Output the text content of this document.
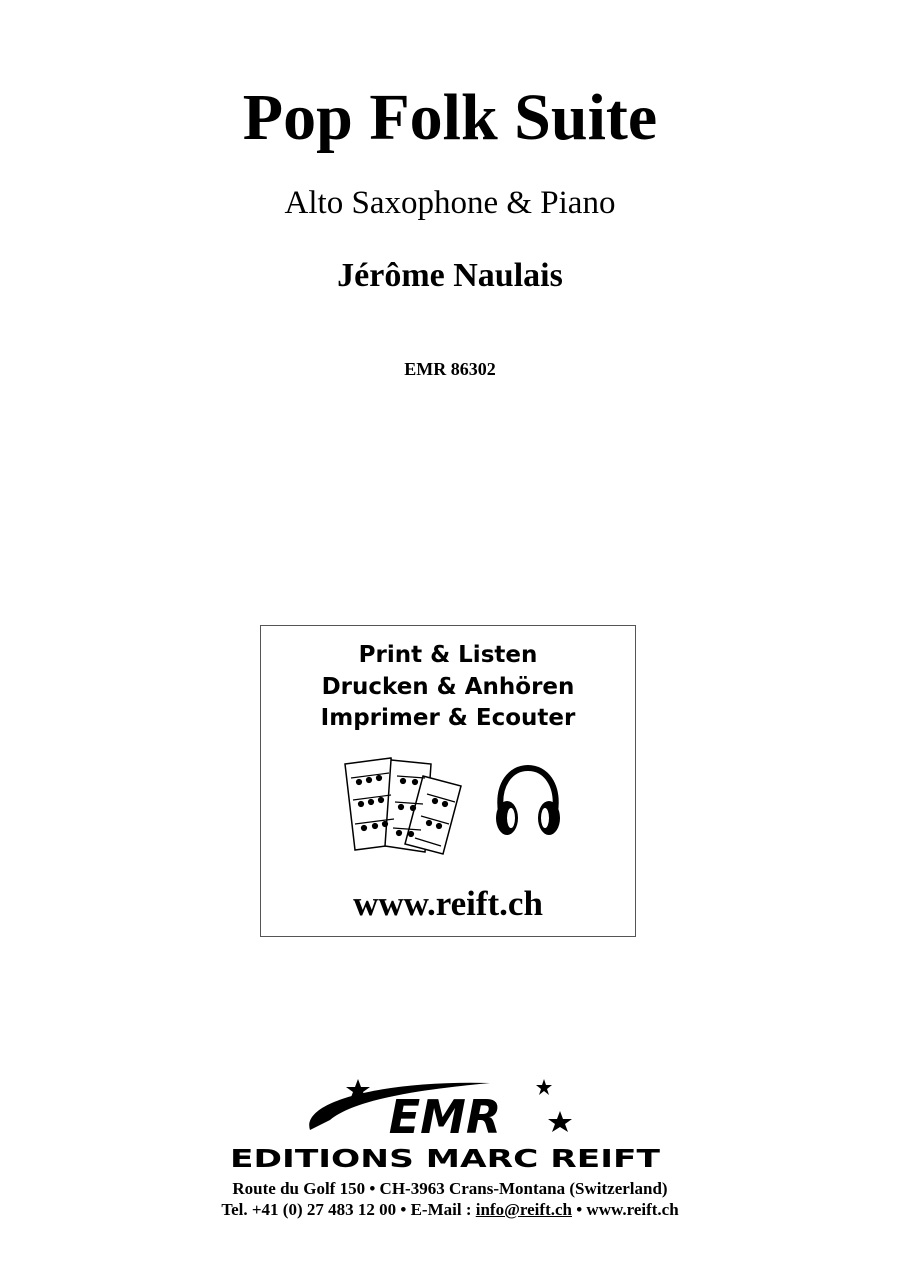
Pop Folk Suite
Alto Saxophone & Piano
Jérôme Naulais
EMR 86302
Print & Listen
Drucken & Anhören
Imprimer & Ecouter
www.reift.ch
EMR
EDITIONS MARC REIFT
Route du Golf 150 • CH-3963 Crans-Montana (Switzerland)
Tel. +41 (0) 27 483 12 00 • E-Mail : info@reift.ch • www.reift.ch
